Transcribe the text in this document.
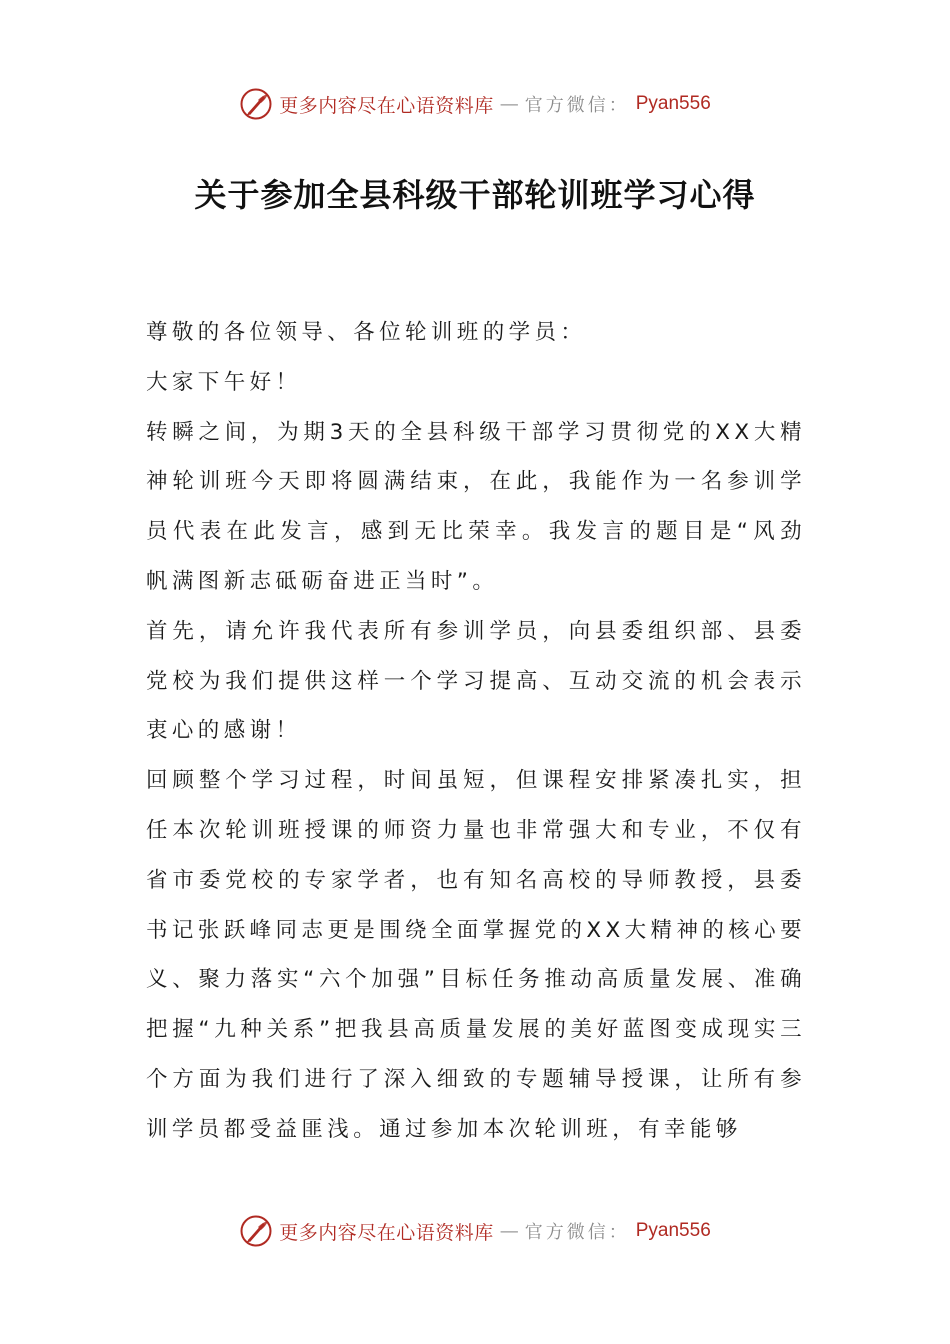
更多内容尽在心语资料库 — 官方微信： Pyan556
关于参加全县科级干部轮训班学习心得

尊敬的各位领导、各位轮训班的学员：

大家下午好！

转瞬之间，为期3天的全县科级干部学习贯彻党的XX大精神轮训班今天即将圆满结束，在此，我能作为一名参训学员代表在此发言，感到无比荣幸。我发言的题目是“风劲帆满图新志砥砺奋进正当时”。

首先，请允许我代表所有参训学员，向县委组织部、县委党校为我们提供这样一个学习提高、互动交流的机会表示衷心的感谢！

回顾整个学习过程，时间虽短，但课程安排紧凑扎实，担任本次轮训班授课的师资力量也非常强大和专业，不仅有省市委党校的专家学者，也有知名高校的导师教授，县委书记张跃峰同志更是围绕全面掌握党的XX大精神的核心要义、聚力落实“六个加强”目标任务推动高质量发展、准确把握“九种关系”把我县高质量发展的美好蓝图变成现实三个方面为我们进行了深入细致的专题辅导授课，让所有参训学员都受益匪浅。通过参加本次轮训班，有幸能够

更多内容尽在心语资料库 — 官方微信： Pyan556
